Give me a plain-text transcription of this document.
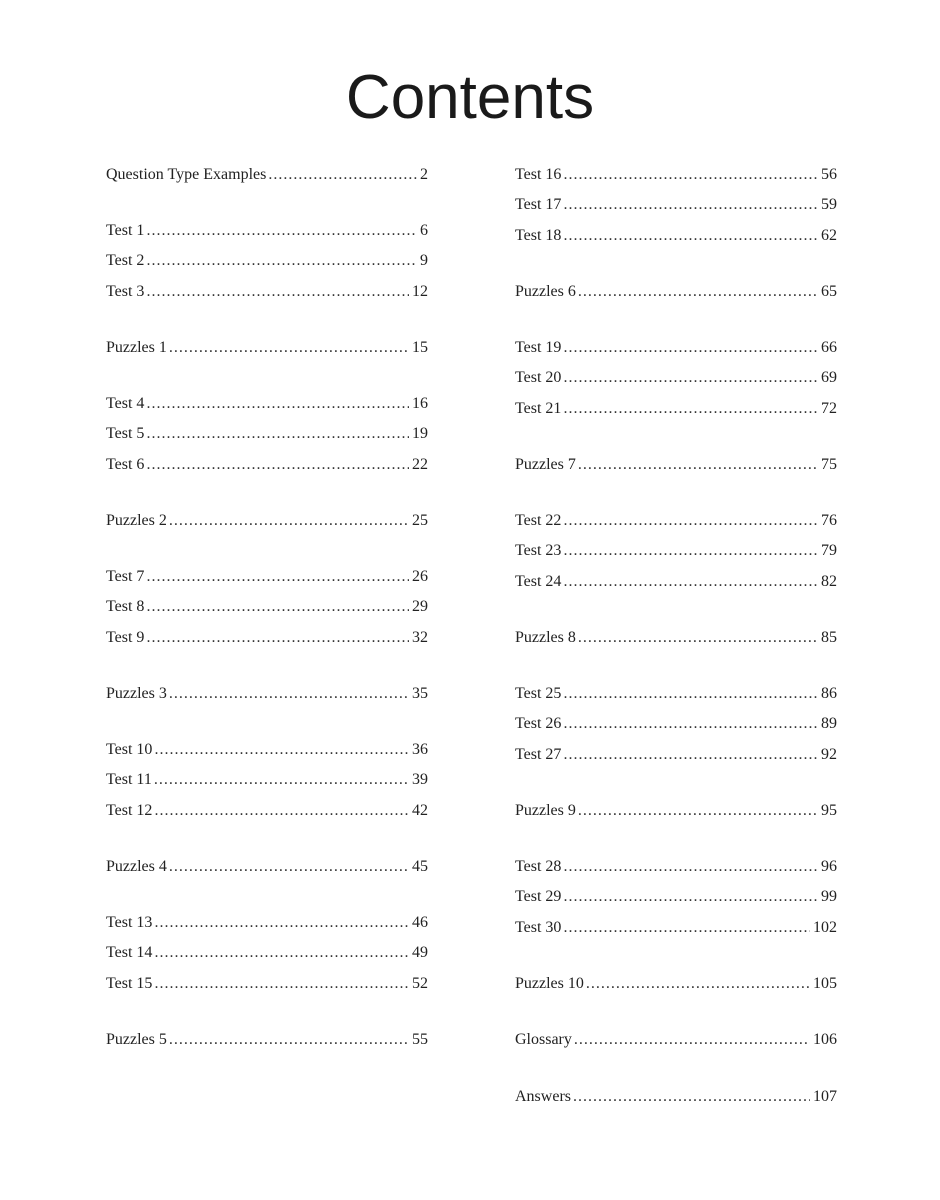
Contents
Question Type Examples .....	2
Test 1 .....	6
Test 2 .....	9
Test 3 .....	12
Puzzles 1 .....	15
Test 4 .....	16
Test 5 .....	19
Test 6 .....	22
Puzzles 2 .....	25
Test 7 .....	26
Test 8 .....	29
Test 9 .....	32
Puzzles 3 .....	35
Test 10 .....	36
Test 11 .....	39
Test 12 .....	42
Puzzles 4 .....	45
Test 13 .....	46
Test 14 .....	49
Test 15 .....	52
Puzzles 5 .....	55
Test 16 .....	56
Test 17 .....	59
Test 18 .....	62
Puzzles 6 .....	65
Test 19 .....	66
Test 20 .....	69
Test 21 .....	72
Puzzles 7 .....	75
Test 22 .....	76
Test 23 .....	79
Test 24 .....	82
Puzzles 8 .....	85
Test 25 .....	86
Test 26 .....	89
Test 27 .....	92
Puzzles 9 .....	95
Test 28 .....	96
Test 29 .....	99
Test 30 .....	102
Puzzles 10 .....	105
Glossary .....	106
Answers .....	107
